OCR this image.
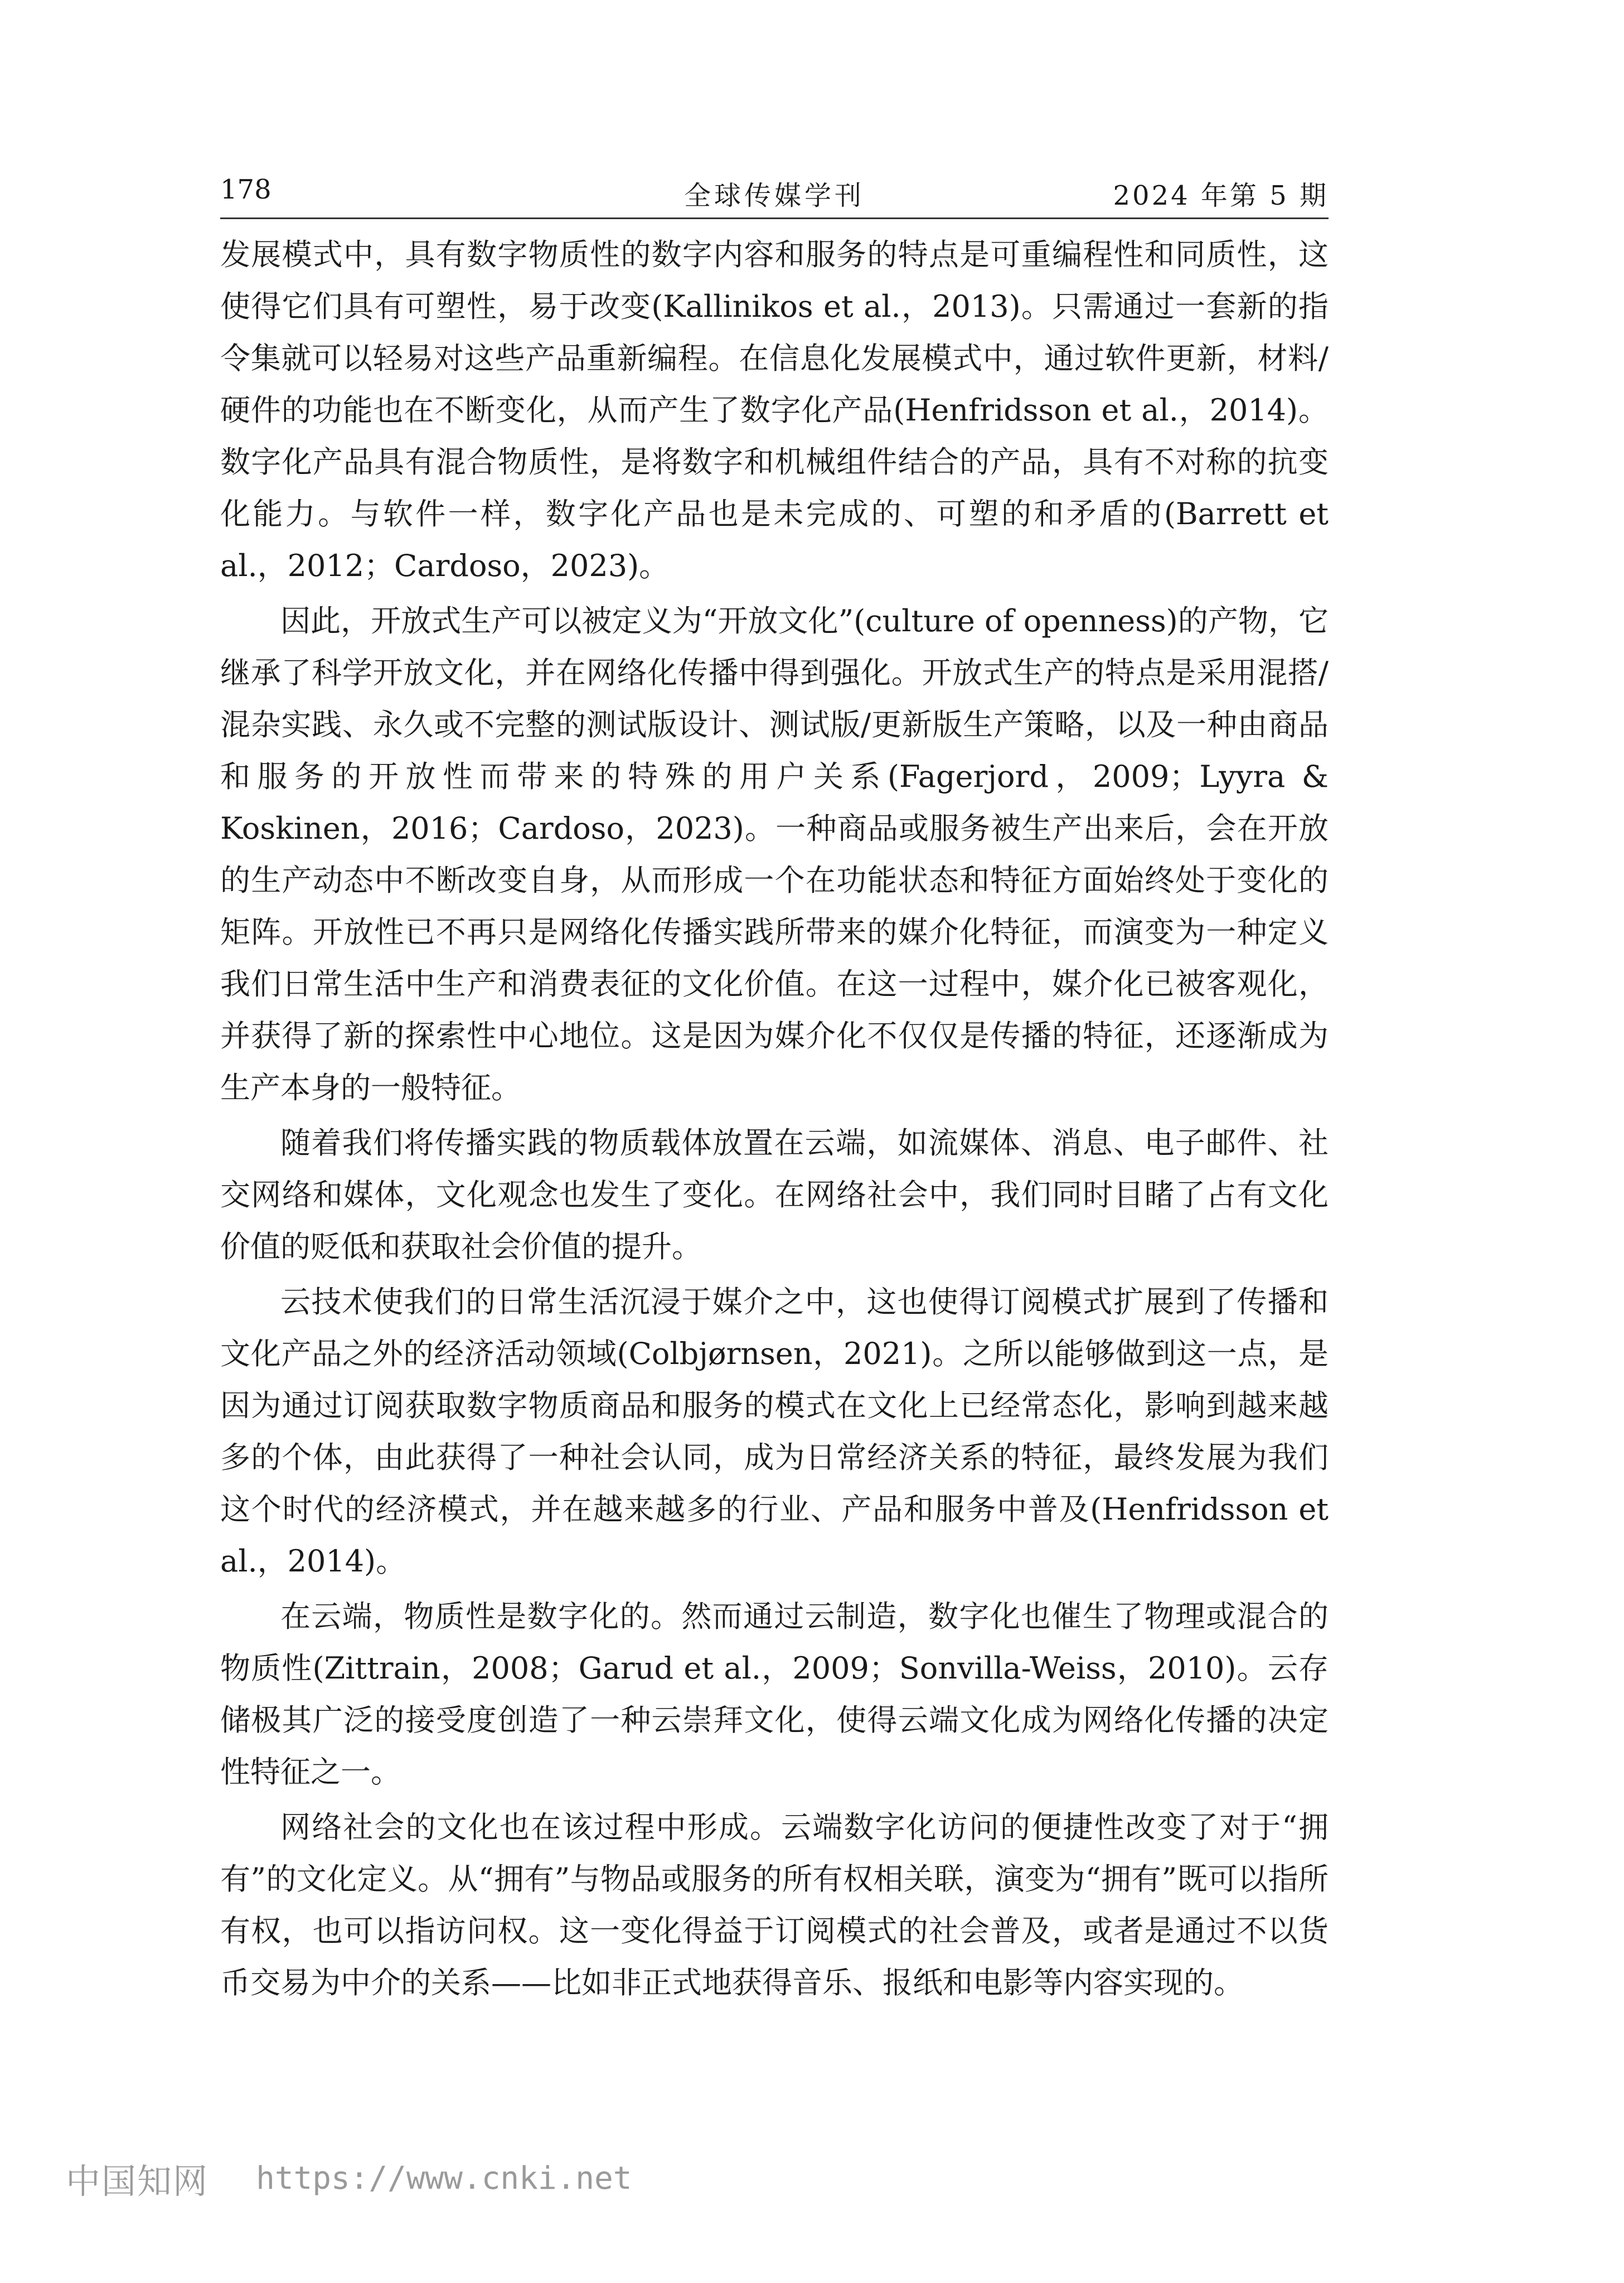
178	全球传媒学刊	2024 年第 5 期

发展模式中，具有数字物质性的数字内容和服务的特点是可重编程性和同质性，这使得它们具有可塑性，易于改变(Kallinikos et al.，2013)。只需通过一套新的指令集就可以轻易对这些产品重新编程。在信息化发展模式中，通过软件更新，材料/硬件的功能也在不断变化，从而产生了数字化产品(Henfridsson et al.，2014)。数字化产品具有混合物质性，是将数字和机械组件结合的产品，具有不对称的抗变化能力。与软件一样，数字化产品也是未完成的、可塑的和矛盾的(Barrett et al.，2012；Cardoso，2023)。

因此，开放式生产可以被定义为“开放文化”(culture of openness)的产物，它继承了科学开放文化，并在网络化传播中得到强化。开放式生产的特点是采用混搭/混杂实践、永久或不完整的测试版设计、测试版/更新版生产策略，以及一种由商品和服务的开放性而带来的特殊的用户关系(Fagerjord，2009；Lyyra & Koskinen，2016；Cardoso，2023)。一种商品或服务被生产出来后，会在开放的生产动态中不断改变自身，从而形成一个在功能状态和特征方面始终处于变化的矩阵。开放性已不再只是网络化传播实践所带来的媒介化特征，而演变为一种定义我们日常生活中生产和消费表征的文化价值。在这一过程中，媒介化已被客观化，并获得了新的探索性中心地位。这是因为媒介化不仅仅是传播的特征，还逐渐成为生产本身的一般特征。

随着我们将传播实践的物质载体放置在云端，如流媒体、消息、电子邮件、社交网络和媒体，文化观念也发生了变化。在网络社会中，我们同时目睹了占有文化价值的贬低和获取社会价值的提升。

云技术使我们的日常生活沉浸于媒介之中，这也使得订阅模式扩展到了传播和文化产品之外的经济活动领域(Colbjørnsen，2021)。之所以能够做到这一点，是因为通过订阅获取数字物质商品和服务的模式在文化上已经常态化，影响到越来越多的个体，由此获得了一种社会认同，成为日常经济关系的特征，最终发展为我们这个时代的经济模式，并在越来越多的行业、产品和服务中普及(Henfridsson et al.，2014)。

在云端，物质性是数字化的。然而通过云制造，数字化也催生了物理或混合的物质性(Zittrain，2008；Garud et al.，2009；Sonvilla-Weiss，2010)。云存储极其广泛的接受度创造了一种云崇拜文化，使得云端文化成为网络化传播的决定性特征之一。

网络社会的文化也在该过程中形成。云端数字化访问的便捷性改变了对于“拥有”的文化定义。从“拥有”与物品或服务的所有权相关联，演变为“拥有”既可以指所有权，也可以指访问权。这一变化得益于订阅模式的社会普及，或者是通过不以货币交易为中介的关系——比如非正式地获得音乐、报纸和电影等内容实现的。

中国知网 https://www.cnki.net
